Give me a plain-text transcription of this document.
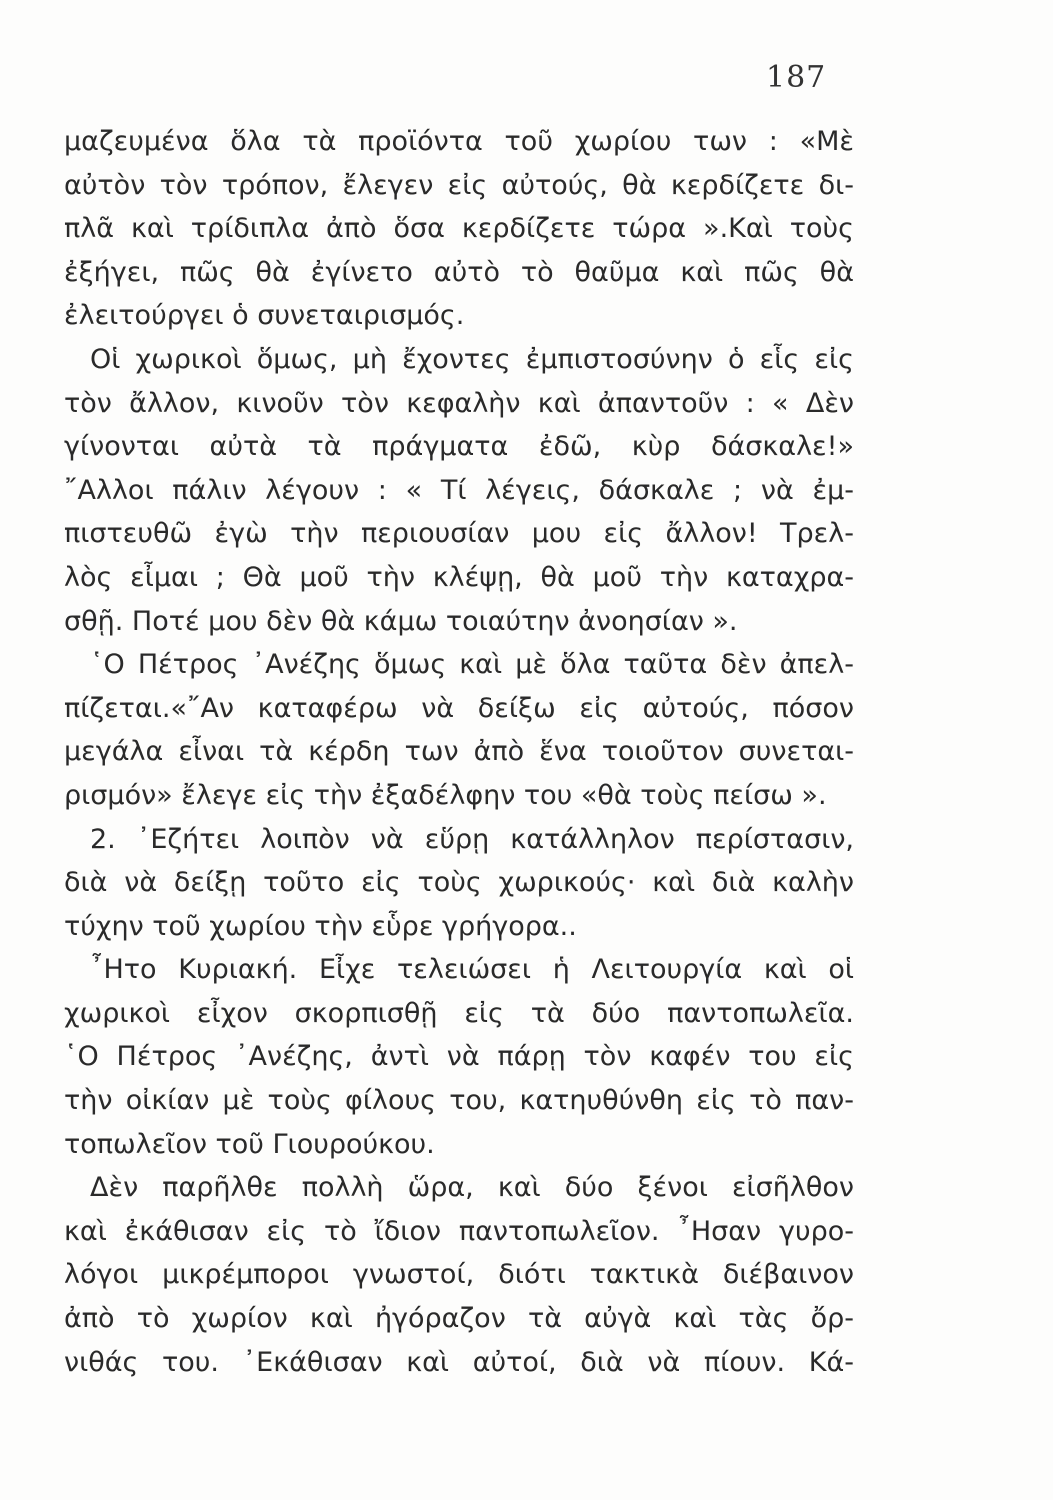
187
μαζευμένα ὅλα τὰ προϊόντα τοῦ χωρίου των : «Μὲ
αὐτὸν τὸν τρόπον, ἔλεγεν εἰς αὐτούς, θὰ κερδίζετε δι-
πλᾶ καὶ τρίδιπλα ἀπὸ ὅσα κερδίζετε τώρα ».Καὶ τοὺς
ἐξήγει, πῶς θὰ ἐγίνετο αὐτὸ τὸ θαῦμα καὶ πῶς θὰ
ἐλειτούργει ὁ συνεταιρισμός.
Οἱ χωρικοὶ ὅμως, μὴ ἔχοντες ἐμπιστοσύνην ὁ εἷς εἰς
τὸν ἄλλον, κινοῦν τὸν κεφαλὴν καὶ ἀπαντοῦν : « Δὲν
γίνονται αὐτὰ τὰ πράγματα ἐδῶ, κὺρ δάσκαλε!»
῎Αλλοι πάλιν λέγουν : « Τί λέγεις, δάσκαλε ; νὰ ἐμ-
πιστευθῶ ἐγὼ τὴν περιουσίαν μου εἰς ἄλλον! Τρελ-
λὸς εἶμαι ; Θὰ μοῦ τὴν κλέψῃ, θὰ μοῦ τὴν καταχρα-
σθῇ. Ποτέ μου δὲν θὰ κάμω τοιαύτην ἀνοησίαν ».
῾Ο Πέτρος ᾿Ανέζης ὅμως καὶ μὲ ὅλα ταῦτα δὲν ἀπελ-
πίζεται.«῎Αν καταφέρω νὰ δείξω εἰς αὐτούς, πόσον
μεγάλα εἶναι τὰ κέρδη των ἀπὸ ἕνα τοιοῦτον συνεται-
ρισμόν» ἔλεγε εἰς τὴν ἐξαδέλφην του «θὰ τοὺς πείσω ».
2. ᾿Εζήτει λοιπὸν νὰ εὕρῃ κατάλληλον περίστασιν,
διὰ νὰ δείξῃ τοῦτο εἰς τοὺς χωρικούς· καὶ διὰ καλὴν
τύχην τοῦ χωρίου τὴν εὗρε γρήγορα..
῏Ητο Κυριακή. Εἶχε τελειώσει ἡ Λειτουργία καὶ οἱ
χωρικοὶ εἶχον σκορπισθῇ εἰς τὰ δύο παντοπωλεῖα.
῾Ο Πέτρος ᾿Ανέζης, ἀντὶ νὰ πάρῃ τὸν καφέν του εἰς
τὴν οἰκίαν μὲ τοὺς φίλους του, κατηυθύνθη εἰς τὸ παν-
τοπωλεῖον τοῦ Γιουρούκου.
Δὲν παρῆλθε πολλὴ ὥρα, καὶ δύο ξένοι εἰσῆλθον
καὶ ἐκάθισαν εἰς τὸ ἴδιον παντοπωλεῖον. ῏Ησαν γυρο-
λόγοι μικρέμποροι γνωστοί, διότι τακτικὰ διέβαινον
ἀπὸ τὸ χωρίον καὶ ἠγόραζον τὰ αὐγὰ καὶ τὰς ὄρ-
νιθάς του. ᾿Εκάθισαν καὶ αὐτοί, διὰ νὰ πίουν. Κά-
